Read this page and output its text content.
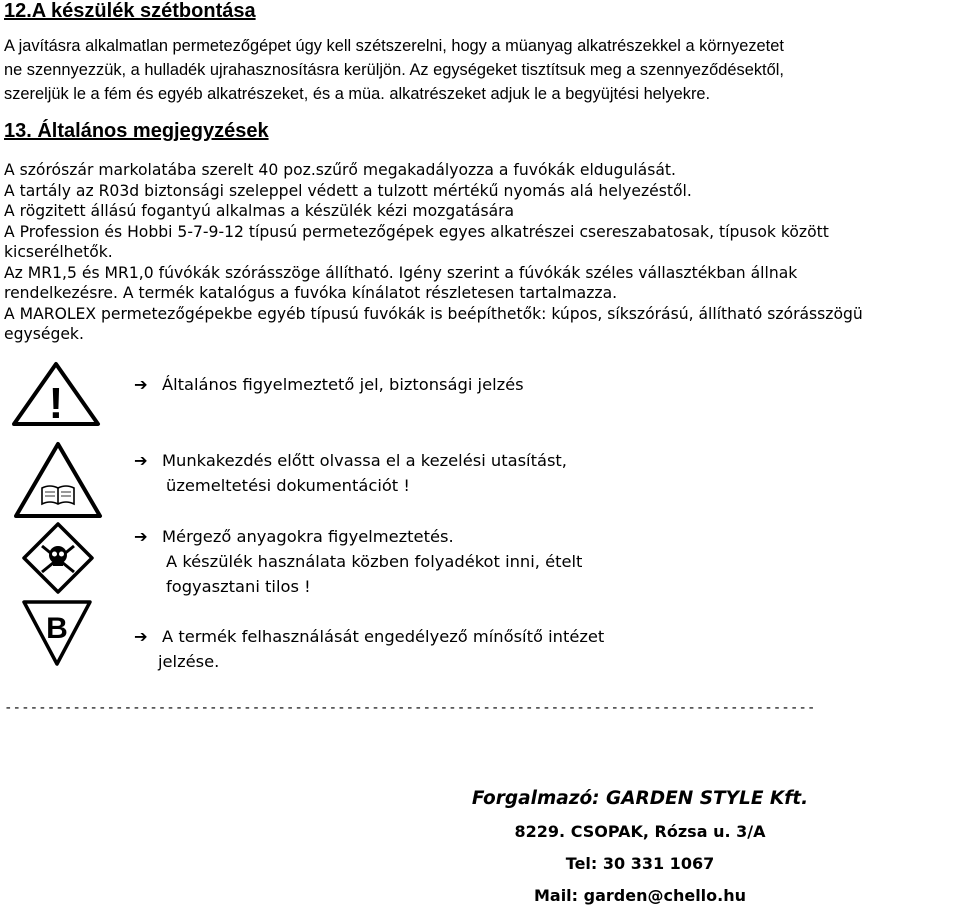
12.A készülék szétbontása
A javításra alkalmatlan permetezőgépet úgy kell szétszerelni, hogy a müanyag alkatrészekkel a környezetet
ne szennyezzük, a hulladék ujrahasznosításra kerüljön. Az egységeket tisztítsuk meg a szennyeződésektől,
szereljük le a fém és egyéb alkatrészeket, és a müa. alkatrészeket adjuk le a begyüjtési helyekre.
13. Általános megjegyzések
A szórószár markolatába szerelt 40 poz.szűrő megakadályozza a fuvókák eldugulását.
A tartály az R03d biztonsági szeleppel védett a tulzott mértékű nyomás alá helyezéstől.
A rögzitett állású fogantyú alkalmas a készülék kézi mozgatására
A Profession és Hobbi 5-7-9-12 típusú permetezőgépek egyes alkatrészei csereszabatosak, típusok között
kicserélhetők.
Az MR1,5 és MR1,0 fúvókák szórásszöge állítható. Igény szerint a fúvókák széles vállasztékban állnak
rendelkezésre. A termék katalógus a fuvóka kínálatot részletesen tartalmazza.
A MAROLEX permetezőgépekbe egyéb típusú fuvókák is beépíthetők: kúpos, síkszórású, állítható szórásszögü
egységek.
!
B
➔ Általános figyelmeztető jel, biztonsági jelzés
➔ Munkakezdés előtt olvassa el a kezelési utasítást,
üzemeltetési dokumentációt !
➔ Mérgező anyagokra figyelmeztetés.
A készülék használata közben folyadékot inni, ételt
fogyasztani tilos !
➔ A termék felhasználását engedélyező mínősítő intézet
jelzése.
-----------------------------------------------------------------------------------------------
Forgalmazó: GARDEN STYLE Kft.
8229. CSOPAK, Rózsa u. 3/A
Tel: 30 331 1067
Mail: garden@chello.hu
